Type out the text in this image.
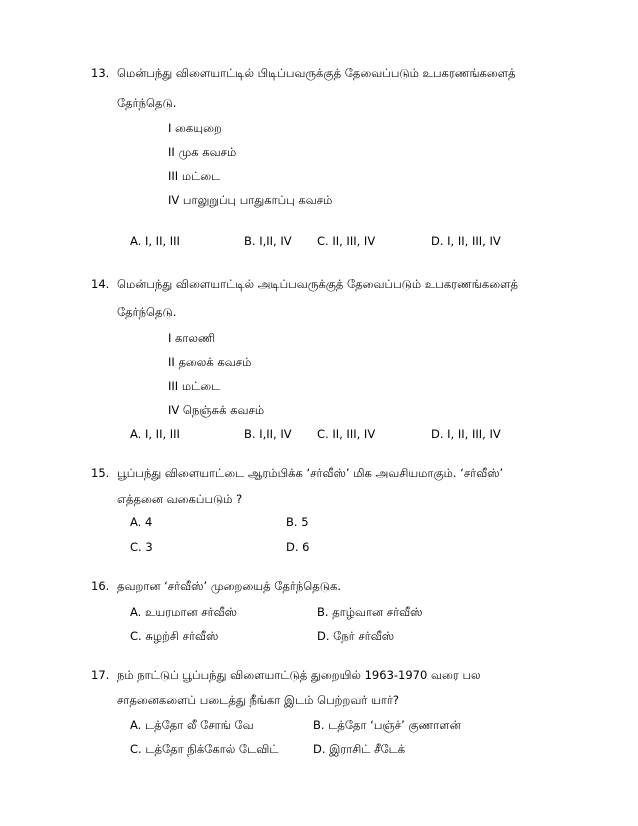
13. மென்பந்து விளையாட்டில் பிடிப்பவருக்குத் தேவைப்படும் உபகரணங்களைத்
தேர்ந்தெடு.
I கையுறை
II முக கவசம்
III மட்டை
IV பாலுறுப்பு பாதுகாப்பு கவசம்
A. I, II, III	B. I,II, IV C. II, III, IV	D. I, II, III, IV
14. மென்பந்து விளையாட்டில் அடிப்பவருக்குத் தேவைப்படும் உபகரணங்களைத்
தேர்ந்தெடு.
I காலணி
II தலைக் கவசம்
III மட்டை
IV நெஞ்சுக் கவசம்
A. I, II, III	B. I,II, IV C. II, III, IV	D. I, II, III, IV
15. பூப்பந்து விளையாட்டை ஆரம்பிக்க ‘சர்வீஸ்’ மிக அவசியமாகும். ‘சர்வீஸ்’
எத்தனை வகைப்படும் ?
A. 4	B. 5
C. 3	D. 6
16. தவறான ‘சர்வீஸ்’ முறையைத் தேர்ந்தெடுக.
A. உயரமான சர்வீஸ்	B. தாழ்வான சர்வீஸ்
C. சுழற்சி சர்வீஸ்	D. நேர் சர்வீஸ்
17. நம் நாட்டுப் பூப்பந்து விளையாட்டுத் துறையில் 1963-1970 வரை பல
சாதனைகளைப் படைத்து நீங்கா இடம் பெற்றவர் யார்?
A. டத்தோ லீ சோங் வே	B. டத்தோ ‘பஞ்ச்’ குணாளன்
C. டத்தோ நிக்கோல் டேவிட்	D. இராசிட் சீடேக்
